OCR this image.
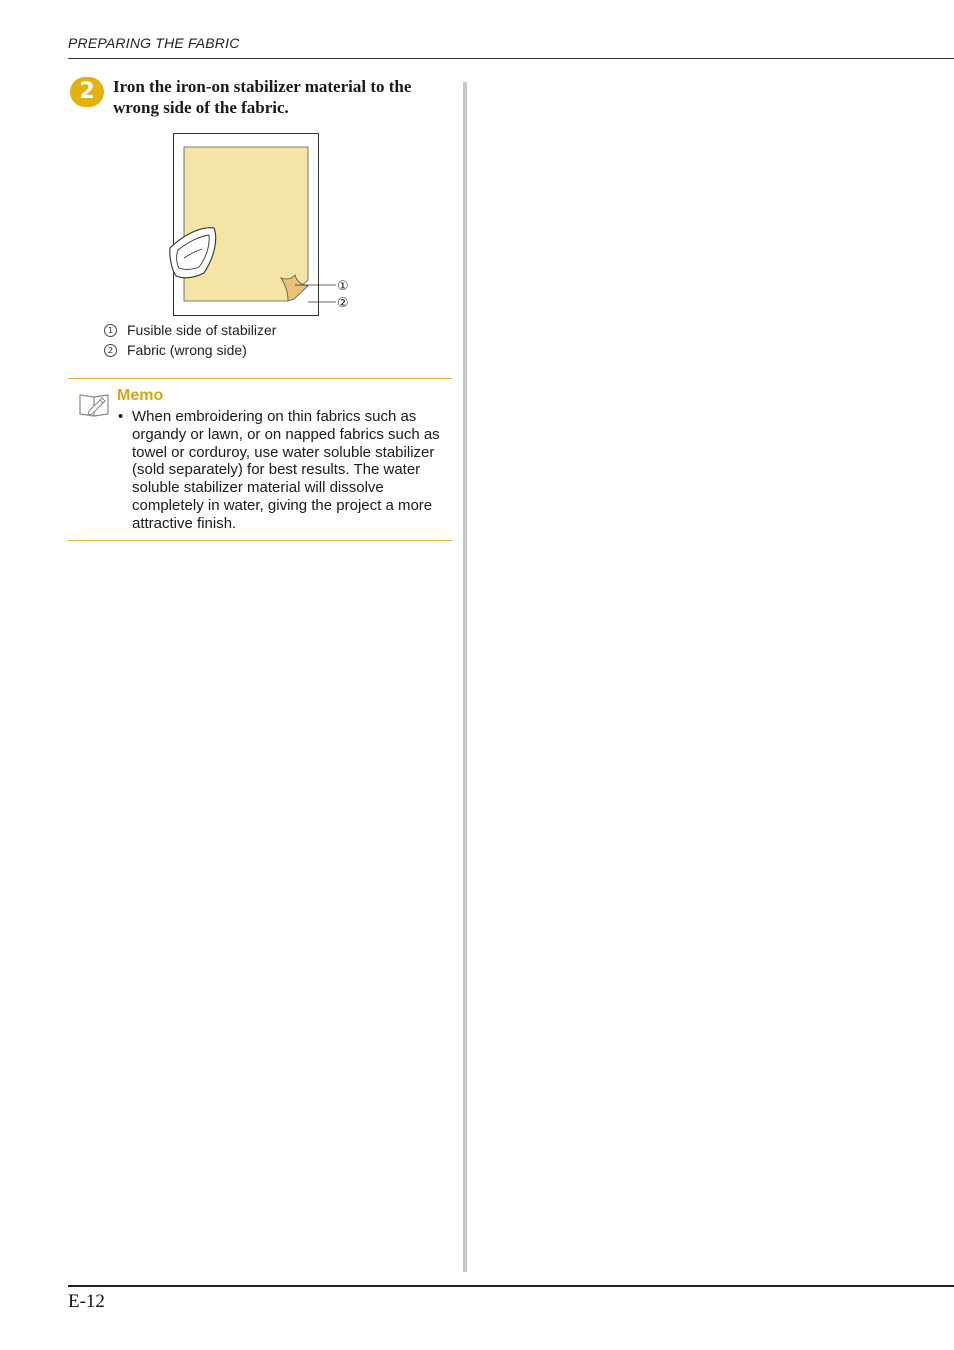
PREPARING THE FABRIC
2	Iron the iron-on stabilizer material to the wrong side of the fabric.
①
②
1 Fusible side of stabilizer
2 Fabric (wrong side)
Memo
• When embroidering on thin fabrics such as organdy or lawn, or on napped fabrics such as towel or corduroy, use water soluble stabilizer (sold separately) for best results. The water soluble stabilizer material will dissolve completely in water, giving the project a more attractive finish.
E-12
